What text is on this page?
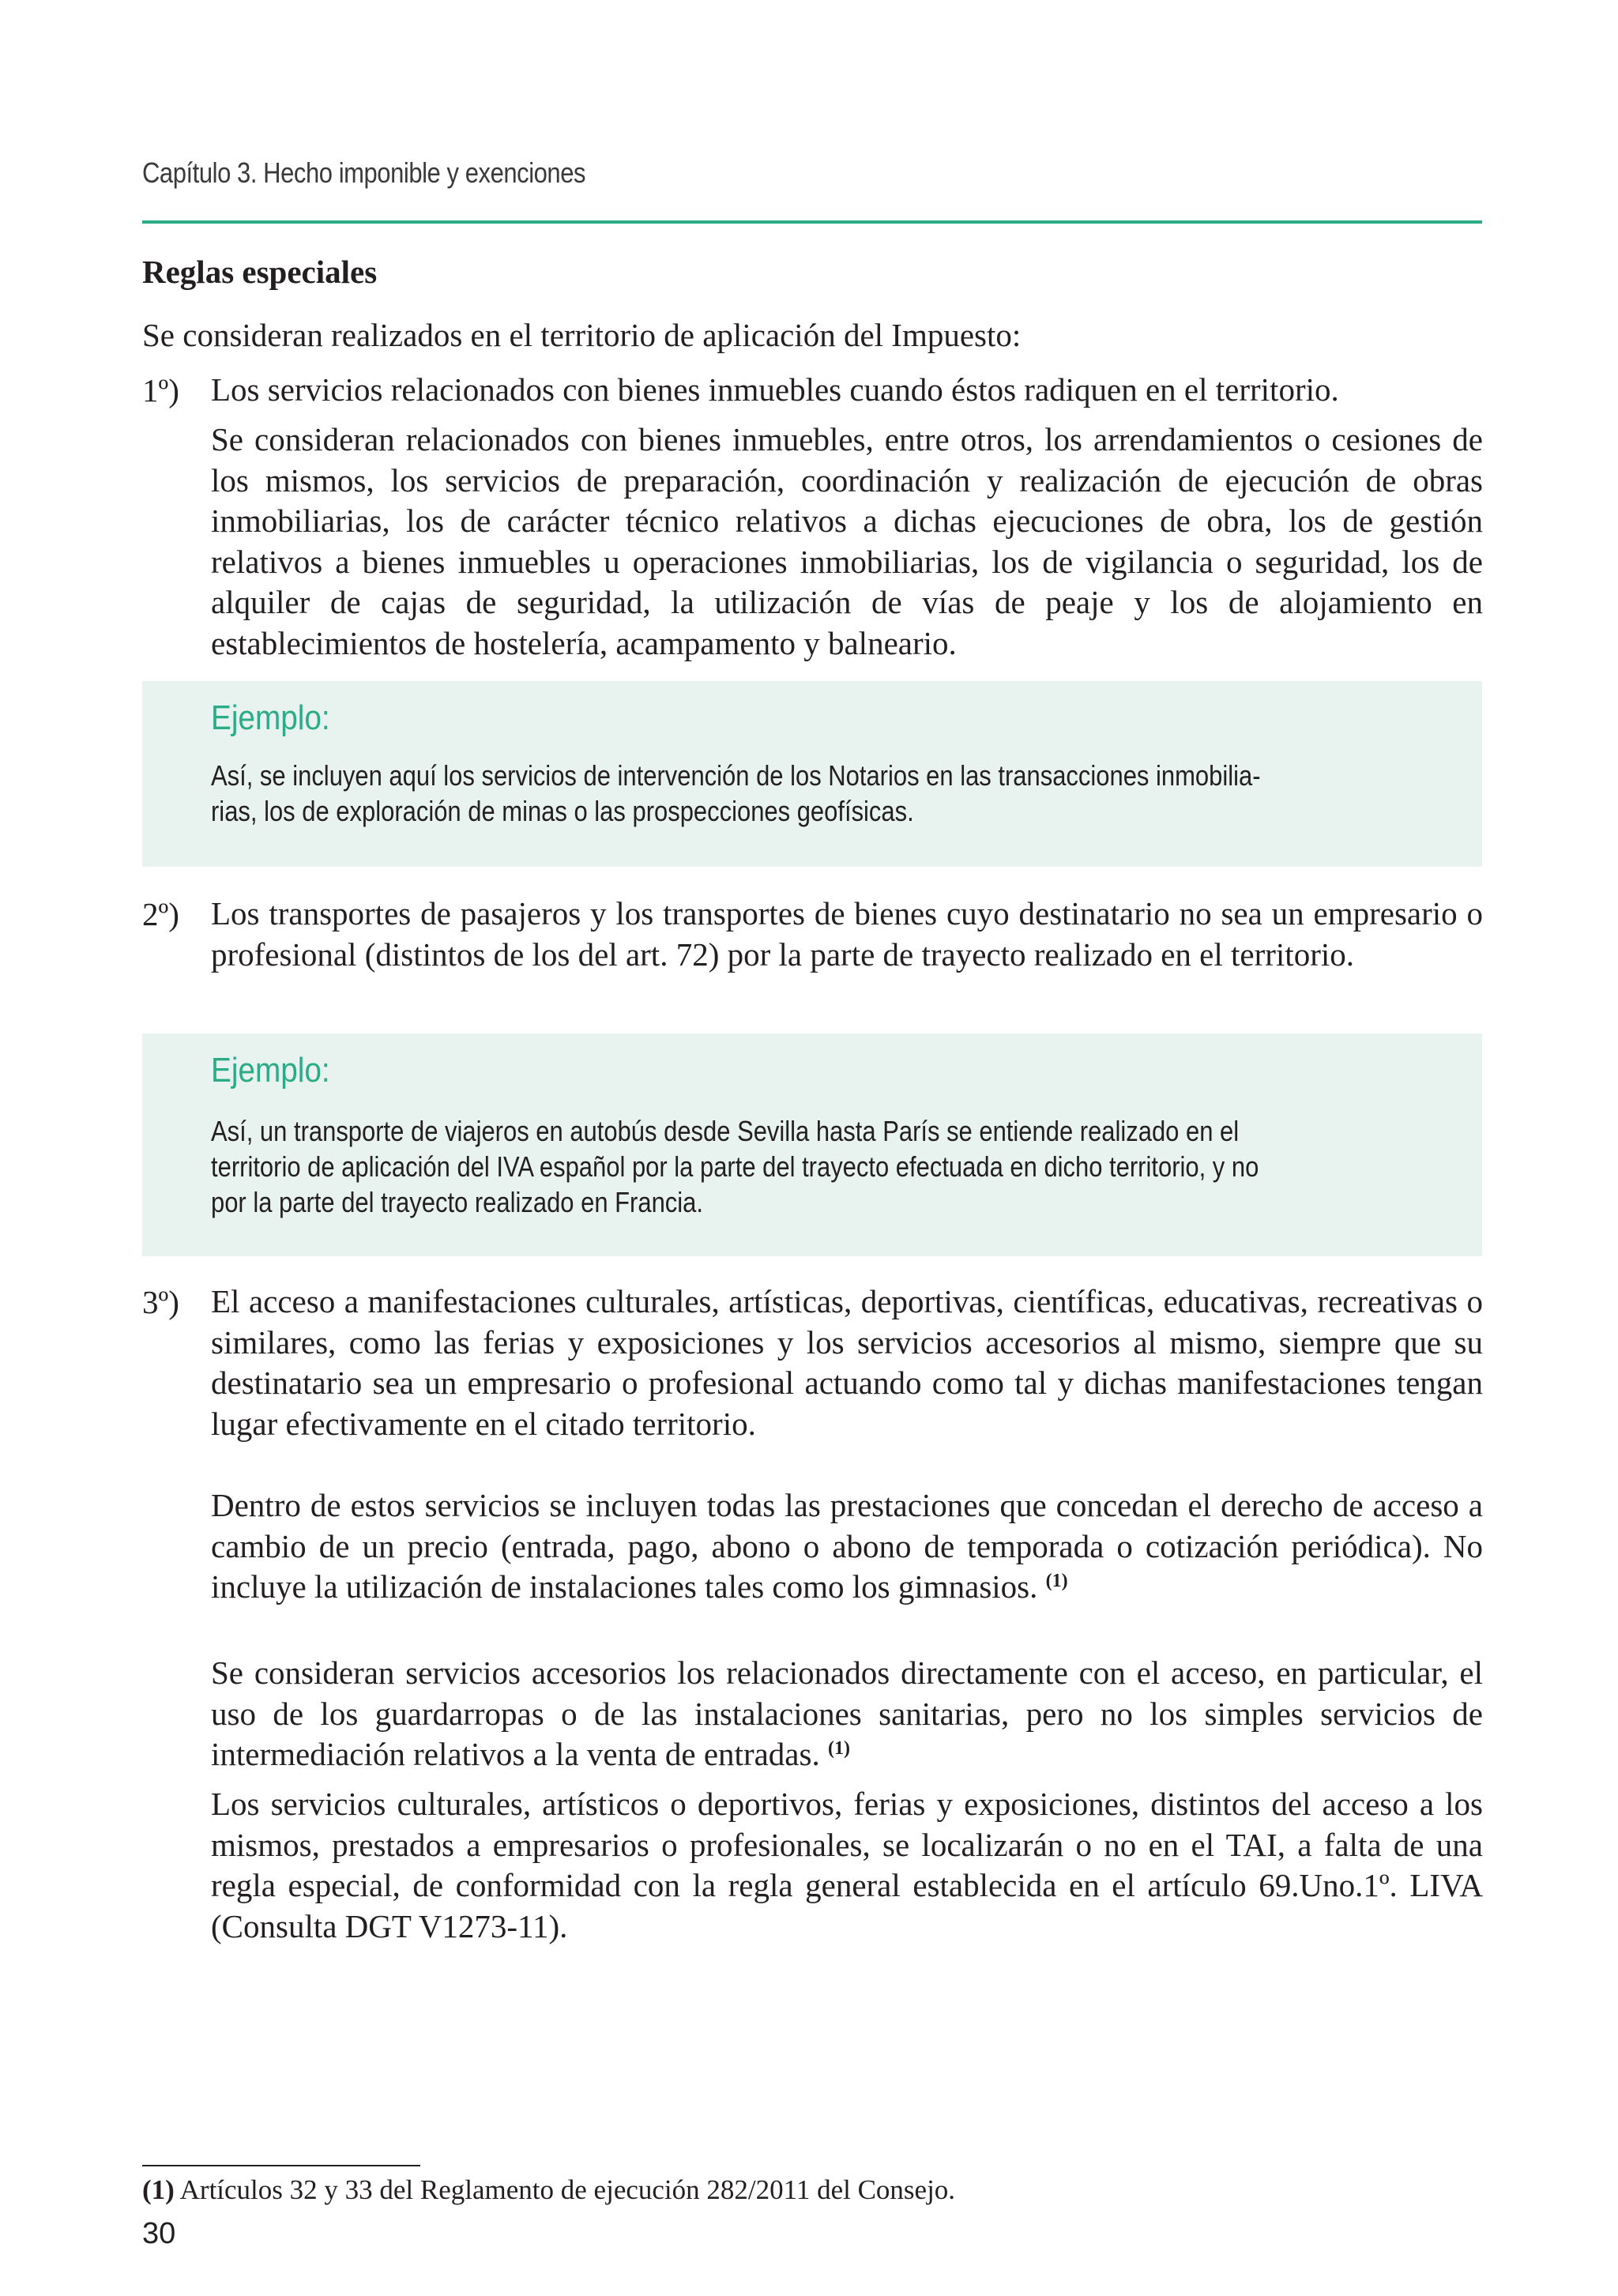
Capítulo 3. Hecho imponible y exenciones
Reglas especiales
Se consideran realizados en el territorio de aplicación del Impuesto:
1º) Los servicios relacionados con bienes inmuebles cuando éstos radiquen en el territorio.
Se consideran relacionados con bienes inmuebles, entre otros, los arrendamientos o cesiones de los mismos, los servicios de preparación, coordinación y realización de ejecución de obras inmobiliarias, los de carácter técnico relativos a dichas ejecuciones de obra, los de gestión relativos a bienes inmuebles u operaciones inmobiliarias, los de vigilancia o seguridad, los de alquiler de cajas de seguridad, la utilización de vías de peaje y los de alojamiento en establecimientos de hostelería, acampamento y balneario.
Ejemplo:
Así, se incluyen aquí los servicios de intervención de los Notarios en las transacciones inmobilia-
rias, los de exploración de minas o las prospecciones geofísicas.
2º) Los transportes de pasajeros y los transportes de bienes cuyo destinatario no sea un empresario o profesional (distintos de los del art. 72) por la parte de trayecto realizado en el territorio.
Ejemplo:
Así, un transporte de viajeros en autobús desde Sevilla hasta París se entiende realizado en el
territorio de aplicación del IVA español por la parte del trayecto efectuada en dicho territorio, y no
por la parte del trayecto realizado en Francia.
3º) El acceso a manifestaciones culturales, artísticas, deportivas, científicas, educativas, recreativas o similares, como las ferias y exposiciones y los servicios accesorios al mismo, siempre que su destinatario sea un empresario o profesional actuando como tal y dichas manifestaciones tengan lugar efectivamente en el citado territorio.
Dentro de estos servicios se incluyen todas las prestaciones que concedan el derecho de acceso a cambio de un precio (entrada, pago, abono o abono de temporada o cotización periódica). No incluye la utilización de instalaciones tales como los gimnasios. $^{(1)}$
Se consideran servicios accesorios los relacionados directamente con el acceso, en particular, el uso de los guardarropas o de las instalaciones sanitarias, pero no los simples servicios de intermediación relativos a la venta de entradas. $^{(1)}$
Los servicios culturales, artísticos o deportivos, ferias y exposiciones, distintos del acceso a los mismos, prestados a empresarios o profesionales, se localizarán o no en el TAI, a falta de una regla especial, de conformidad con la regla general establecida en el artículo 69.Uno.1º. LIVA (Consulta DGT V1273-11).
(1) Artículos 32 y 33 del Reglamento de ejecución 282/2011 del Consejo.
30
